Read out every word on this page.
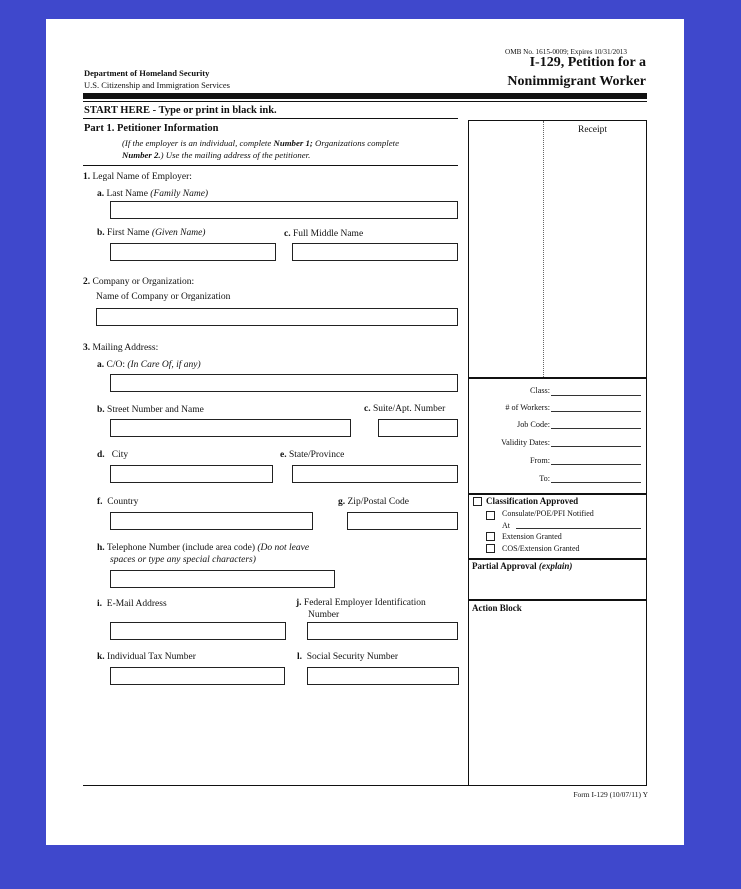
Department of Homeland Security
U.S. Citizenship and Immigration Services
OMB No. 1615-0009; Expires 10/31/2013
I-129, Petition for a
Nonimmigrant Worker
START HERE - Type or print in black ink.
Part 1. Petitioner Information
(If the employer is an individual, complete Number 1; Organizations complete
Number 2.) Use the mailing address of the petitioner.
1. Legal Name of Employer:
a. Last Name (Family Name)
b. First Name (Given Name)	c. Full Middle Name
2. Company or Organization:
Name of Company or Organization
3. Mailing Address:
a. C/O: (In Care Of, if any)
b. Street Number and Name	c. Suite/Apt. Number
d. City	e. State/Province
f. Country	g. Zip/Postal Code
h. Telephone Number (include area code) (Do not leave
spaces or type any special characters)
i. E-Mail Address	j. Federal Employer Identification
Number
k. Individual Tax Number	l. Social Security Number
Form I-129 (10/07/11) Y
Receipt
Class:
# of Workers:
Job Code:
Validity Dates:
From:
To:
Classification Approved
Consulate/POE/PFI Notified
At
Extension Granted
COS/Extension Granted
Partial Approval (explain)
Action Block
